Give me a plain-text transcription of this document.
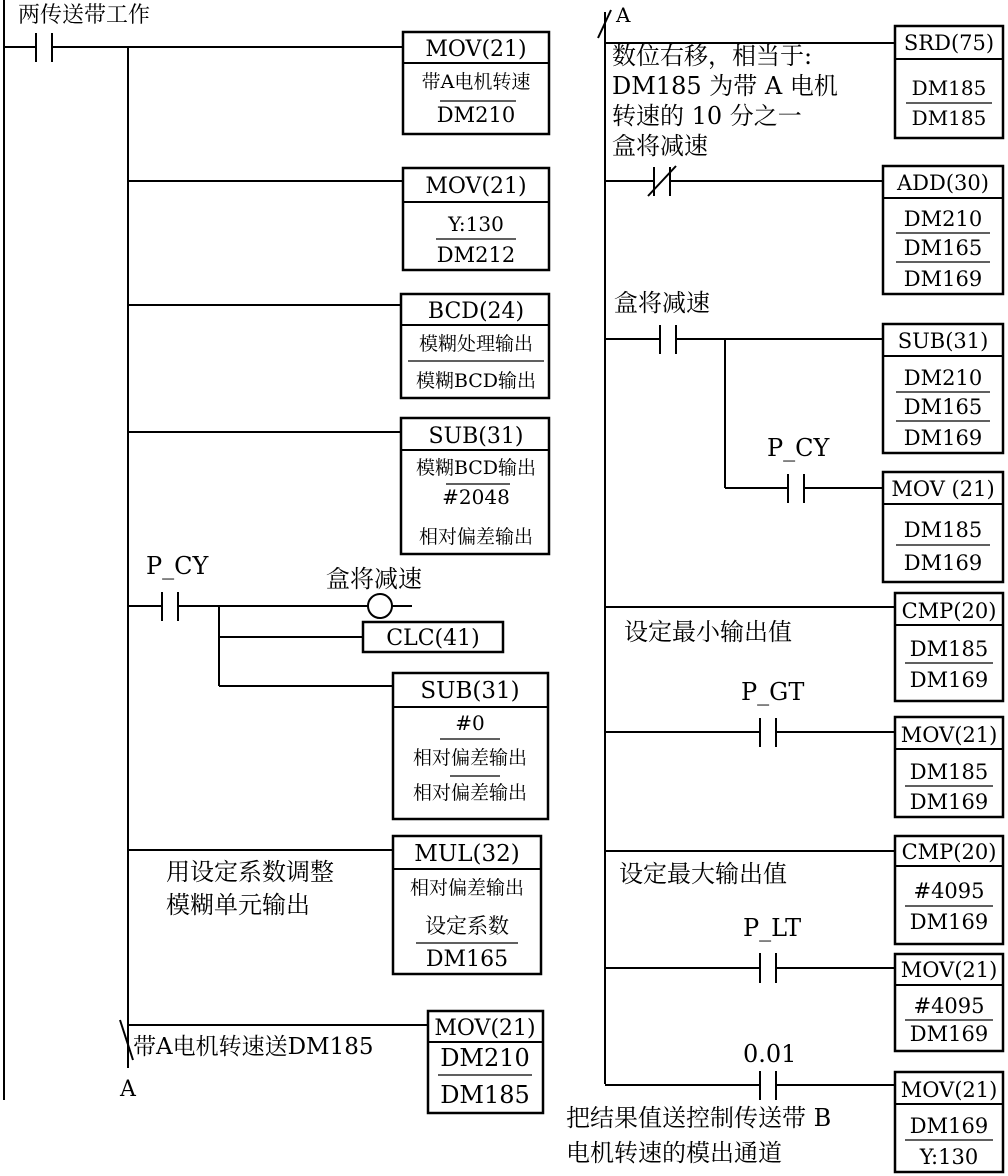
两传送带工作
MOV(21)
带A电机转速
DM210
MOV(21)
Y:130
DM212
BCD(24)
模糊处理输出
模糊BCD输出
SUB(31)
模糊BCD输出
#2048
相对偏差输出
P_CY	盒将减速
CLC(41)
SUB(31)
#0
相对偏差输出
相对偏差输出
用设定系数调整
模糊单元输出
MUL(32)
相对偏差输出
设定系数
DM165
带A电机转速送DM185
A
MOV(21)
DM210
DM185
A
数位右移，相当于:
DM185 为带 A 电机
转速的 10 分之一
盒将减速
SRD(75)
DM185
DM185
ADD(30)
DM210
DM165
DM169
盒将减速
SUB(31)
DM210
DM165
DM169
P_CY
MOV (21)
DM185
DM169
设定最小输出值
CMP(20)
DM185
DM169
P_GT
MOV(21)
DM185
DM169
设定最大输出值
CMP(20)
#4095
DM169
P_LT
MOV(21)
#4095
DM169
0.01
MOV(21)
DM169
Y:130
把结果值送控制传送带 B
电机转速的模出通道
